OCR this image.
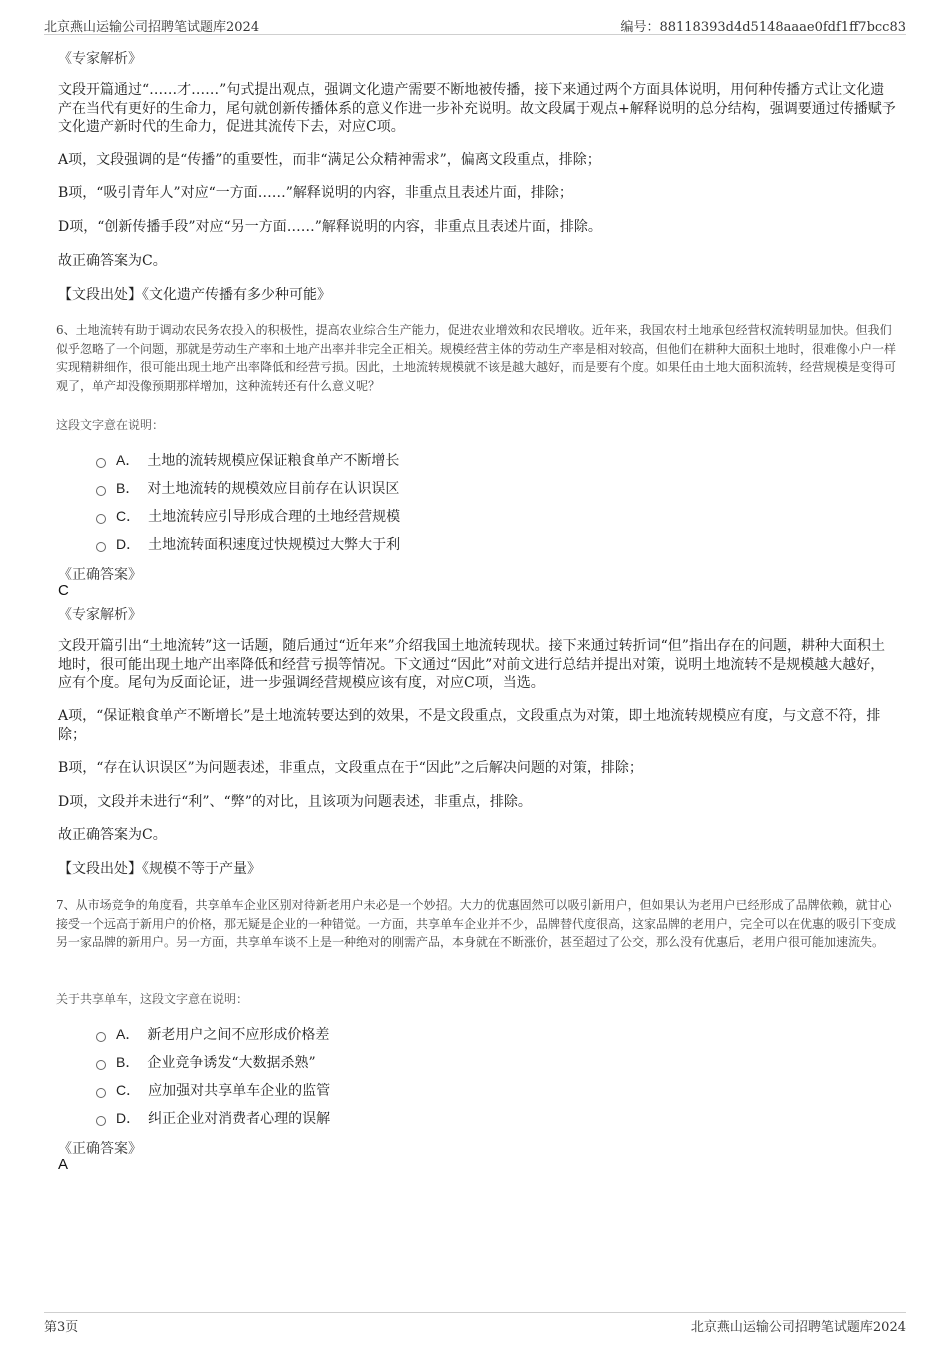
北京燕山运输公司招聘笔试题库2024	编号：88118393d4d5148aaae0fdf1ff7bcc83

《专家解析》

文段开篇通过“……才……”句式提出观点，强调文化遗产需要不断地被传播，接下来通过两个方面具体说明，用何种传播方式让文化遗产在当代有更好的生命力，尾句就创新传播体系的意义作进一步补充说明。故文段属于观点+解释说明的总分结构，强调要通过传播赋予文化遗产新时代的生命力，促进其流传下去，对应C项。

A项，文段强调的是“传播”的重要性，而非“满足公众精神需求”，偏离文段重点，排除；

B项，“吸引青年人”对应“一方面……”解释说明的内容，非重点且表述片面，排除；

D项，“创新传播手段”对应“另一方面……”解释说明的内容，非重点且表述片面，排除。

故正确答案为C。

【文段出处】《文化遗产传播有多少种可能》

6、土地流转有助于调动农民务农投入的积极性，提高农业综合生产能力，促进农业增效和农民增收。近年来，我国农村土地承包经营权流转明显加快。但我们似乎忽略了一个问题，那就是劳动生产率和土地产出率并非完全正相关。规模经营主体的劳动生产率是相对较高，但他们在耕种大面积土地时，很难像小户一样实现精耕细作，很可能出现土地产出率降低和经营亏损。因此，土地流转规模就不该是越大越好，而是要有个度。如果任由土地大面积流转，经营规模是变得可观了，单产却没像预期那样增加，这种流转还有什么意义呢？

这段文字意在说明：

A． 土地的流转规模应保证粮食单产不断增长
B． 对土地流转的规模效应目前存在认识误区
C． 土地流转应引导形成合理的土地经营规模
D． 土地流转面积速度过快规模过大弊大于利

《正确答案》

C

《专家解析》

文段开篇引出“土地流转”这一话题，随后通过“近年来”介绍我国土地流转现状。接下来通过转折词“但”指出存在的问题，耕种大面积土地时，很可能出现土地产出率降低和经营亏损等情况。下文通过“因此”对前文进行总结并提出对策，说明土地流转不是规模越大越好，应有个度。尾句为反面论证，进一步强调经营规模应该有度，对应C项，当选。

A项，“保证粮食单产不断增长”是土地流转要达到的效果，不是文段重点，文段重点为对策，即土地流转规模应有度，与文意不符，排除；

B项，“存在认识误区”为问题表述，非重点，文段重点在于“因此”之后解决问题的对策，排除；

D项，文段并未进行“利”、“弊”的对比，且该项为问题表述，非重点，排除。

故正确答案为C。

【文段出处】《规模不等于产量》

7、从市场竞争的角度看，共享单车企业区别对待新老用户未必是一个妙招。大力的优惠固然可以吸引新用户，但如果认为老用户已经形成了品牌依赖，就甘心接受一个远高于新用户的价格，那无疑是企业的一种错觉。一方面，共享单车企业并不少，品牌替代度很高，这家品牌的老用户，完全可以在优惠的吸引下变成另一家品牌的新用户。另一方面，共享单车谈不上是一种绝对的刚需产品，本身就在不断涨价，甚至超过了公交，那么没有优惠后，老用户很可能加速流失。

关于共享单车，这段文字意在说明：

A． 新老用户之间不应形成价格差
B． 企业竞争诱发“大数据杀熟”
C． 应加强对共享单车企业的监管
D． 纠正企业对消费者心理的误解

《正确答案》

A

第3页	北京燕山运输公司招聘笔试题库2024
